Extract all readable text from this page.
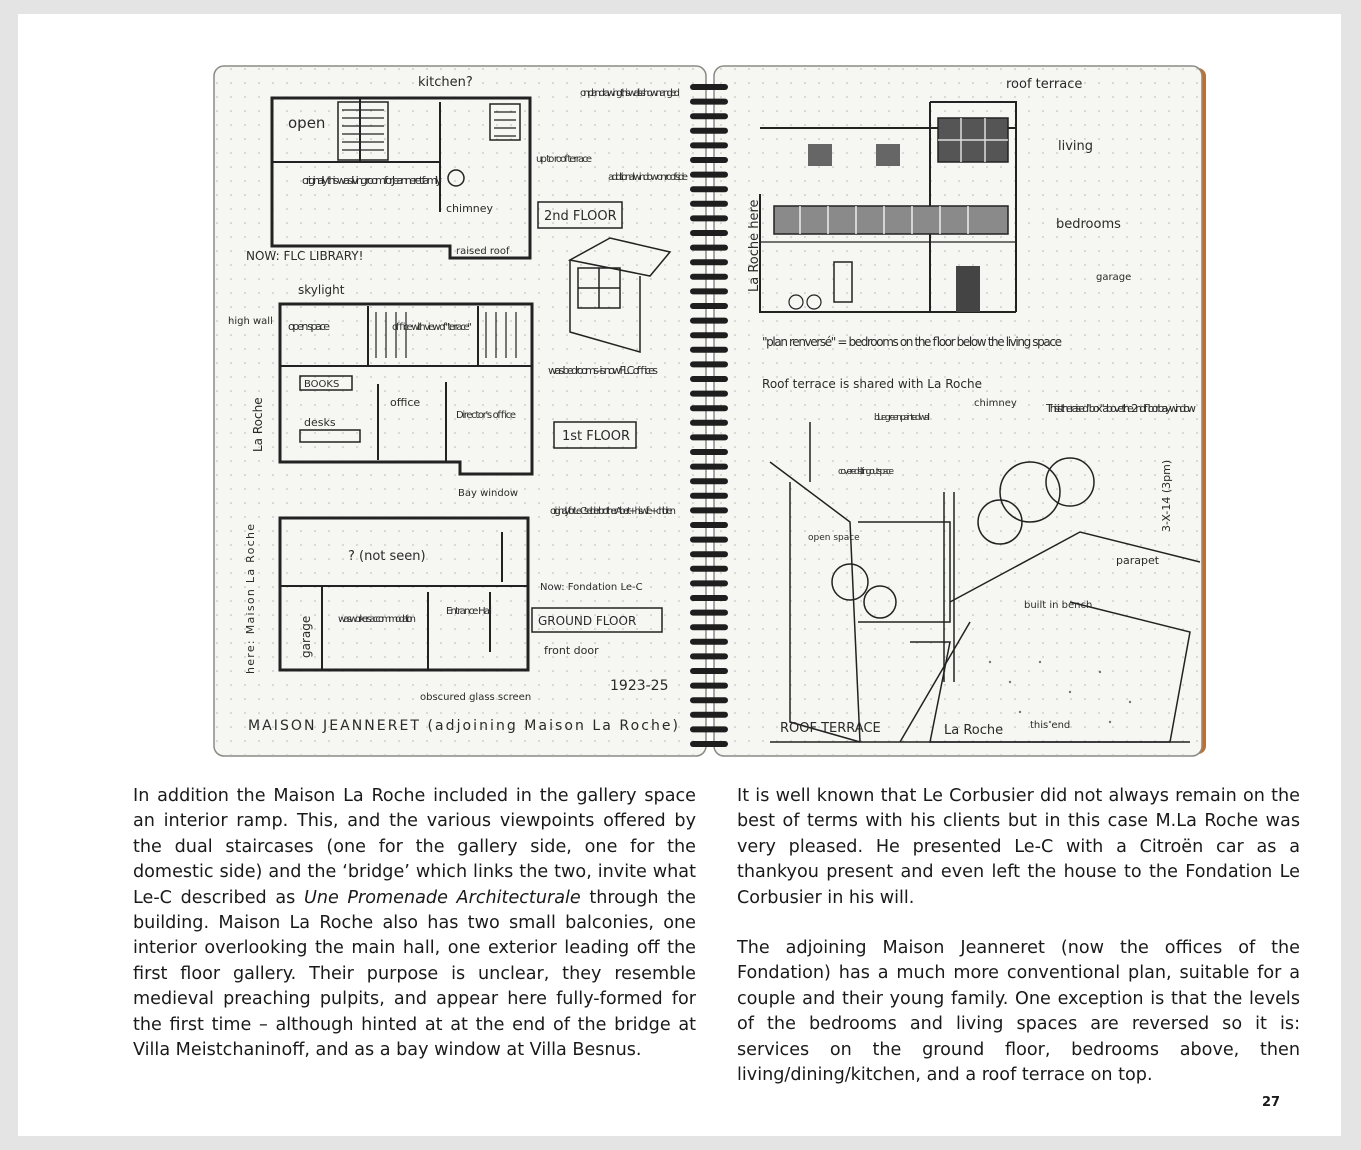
open
kitchen?
originally this was living room for Jeanneret family
chimney
raised roof
NOW: FLC LIBRARY!
on plan drawing this wall is shown angled
up to roof terrace
additional window on roof side
2nd FLOOR
skylight
high wall open space	office with view of "terrace"
BOOKS
desks
office
Director's office
La Roche
was bedrooms - is now FLC offices
1st FLOOR
Bay window
? (not seen)
garage
here: Maison La Roche
was workers accommodation
Entrance Hall
originally for Le-C's elder brother Albert + his wife + children
Now: Fondation Le-C
GROUND FLOOR
front door
obscured glass screen
1923-25
MAISON JEANNERET (adjoining Maison La Roche)
roof terrace
living
bedrooms
garage
La Roche here
"plan renversé" = bedrooms on the floor below the living space
Roof terrace is shared with La Roche
chimney
blue green painted wall
covered sitting out space
open space
This is the raised "box" above the 2nd floor bay window
parapet
built in bench
3-X-14 (3pm)
ROOF TERRACE	La Roche	this end

In addition the Maison La Roche included in the gallery space an interior ramp. This, and the various viewpoints offered by the dual staircases (one for the gallery side, one for the domestic side) and the ‘bridge’ which links the two, invite what Le-C described as Une Promenade Architecturale through the building. Maison La Roche also has two small balconies, one interior overlooking the main hall, one exterior leading off the first floor gallery. Their purpose is unclear, they resemble medieval preaching pulpits, and appear here fully-formed for the first time – although hinted at at the end of the bridge at Villa Meistchaninoff, and as a bay window at Villa Besnus.

It is well known that Le Corbusier did not always remain on the best of terms with his clients but in this case M.La Roche was very pleased. He presented Le-C with a Citroën car as a thankyou present and even left the house to the Fondation Le Corbusier in his will.

The adjoining Maison Jeanneret (now the offices of the Fondation) has a much more conventional plan, suitable for a couple and their young family. One exception is that the levels of the bedrooms and living spaces are reversed so it is: services on the ground floor, bedrooms above, then living/dining/kitchen, and a roof terrace on top.

27
